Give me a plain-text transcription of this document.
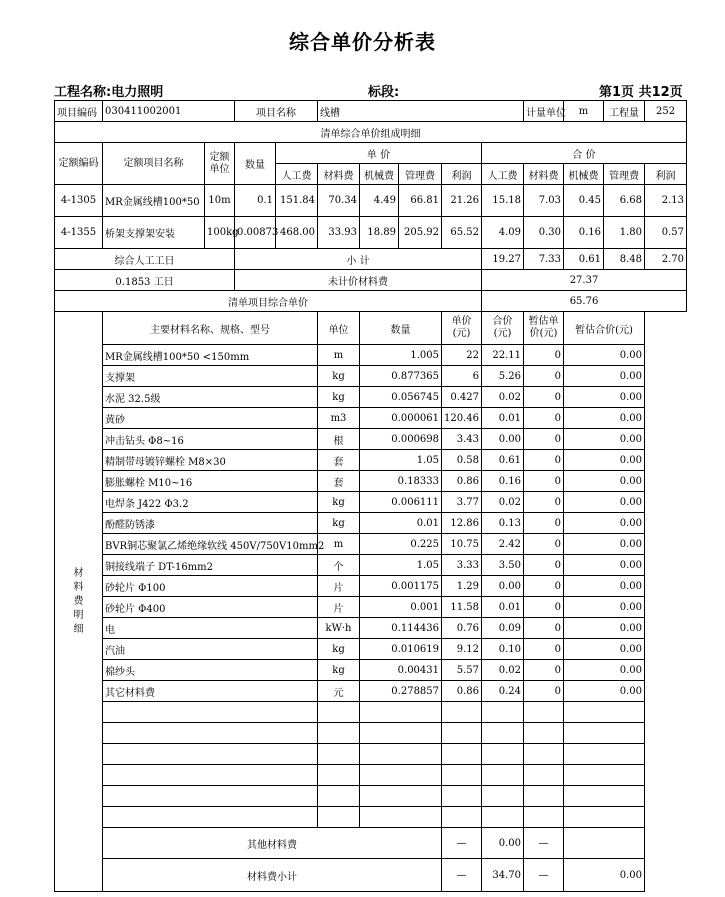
综合单价分析表
工程名称:电力照明	标段:	第1页 共12页
项目编码	030411002001		项目名称		线槽					计量单位	m	工程量	252
清单综合单价组成明细													
定额编码	定额项目名称	定额单位	数量	单 价					合 价				
				人工费	材料费	机械费	管理费	利润	人工费	材料费	机械费	管理费	利润
4-1305	MR金属线槽100*50	10m	0.1	151.84	70.34	4.49	66.81	21.26	15.18	7.03	0.45	6.68	2.13
4-1355	桥架支撑架安装	100kg	0.00873	468.00	33.93	18.89	205.92	65.52	4.09	0.30	0.16	1.80	0.57
综合人工工日			小 计						19.27	7.33	0.61	8.48	2.70
0.1853 工日			未计价材料费						27.37				
清单项目综合单价									65.76				
材
料
费
明
细	主要材料名称、规格、型号				单位	数量		单价(元)	合价(元)	暂估单价(元)	暂估合价(元)		
	MR金属线槽100*50 <150mm				m	1.005		22	22.11	0	0.00		
	支撑架				kg	0.877365		6	5.26	0	0.00		
	水泥 32.5级				kg	0.056745		0.427	0.02	0	0.00		
	黄砂				m3	0.000061		120.46	0.01	0	0.00		
	冲击钻头 Φ8~16				根	0.000698		3.43	0.00	0	0.00		
	精制带母镀锌螺栓 M8×30				套	1.05		0.58	0.61	0	0.00		
	膨胀螺栓 M10~16				套	0.18333		0.86	0.16	0	0.00		
	电焊条 J422 Φ3.2				kg	0.006111		3.77	0.02	0	0.00		
	酚醛防锈漆				kg	0.01		12.86	0.13	0	0.00		
	BVR铜芯聚氯乙烯绝缘软线 450V/750V10mm2				m	0.225		10.75	2.42	0	0.00		
	铜接线端子 DT-16mm2				个	1.05		3.33	3.50	0	0.00		
	砂轮片 Φ100				片	0.001175		1.29	0.00	0	0.00		
	砂轮片 Φ400				片	0.001		11.58	0.01	0	0.00		
	电				kW·h	0.114436		0.76	0.09	0	0.00		
	汽油				kg	0.010619		9.12	0.10	0	0.00		
	棉纱头				kg	0.00431		5.57	0.02	0	0.00		
	其它材料费				元	0.278857		0.86	0.24	0	0.00		

	其他材料费							—	0.00	—			
	材料费小计							—	34.70	—	0.00		
